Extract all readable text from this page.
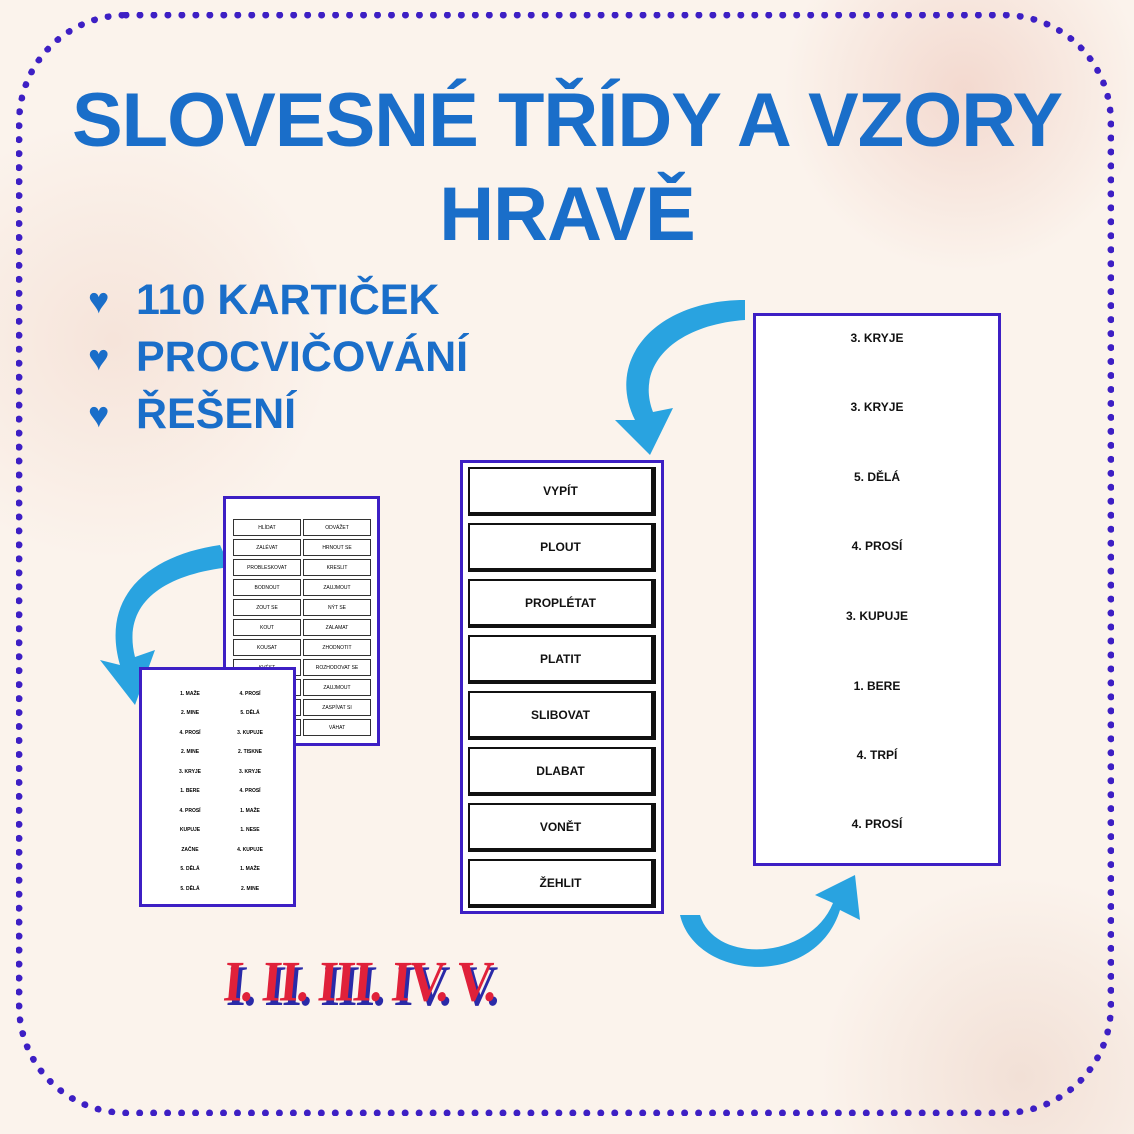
SLOVESNÉ TŘÍDY A VZORY
HRAVĚ
♥ 110 KARTIČEK
♥ PROCVIČOVÁNÍ
♥ ŘEŠENÍ
HLÍDAT	ODVÁŽET
ZALÉVAT	HRNOUT SE
PROBLESKOVAT	KRESLIT
BODNOUT	ZAUJMOUT
ZOUT SE	NÝT SE
KOUT	ZALAMAT
KOUSAT	ZHODNOTIT
ROZHODOVAT SE
ZAUJMOUT
ZASPÍVAT SI
VÁHAT
1. MAŽE	4. PROSÍ
2. MINE	5. DĚLÁ
4. PROSÍ	3. KUPUJE
2. MINE	2. TISKNE
3. KRYJE	3. KRYJE
1. BERE	4. PROSÍ
4. PROSÍ	1. MAŽE
KUPUJE	1. NESE
ZAČNE	4. KUPUJE
5. DĚLÁ	1. MAŽE
5. DĚLÁ	2. MINE
VYPÍT
PLOUT
PROPLÉTAT
PLATIT
SLIBOVAT
DLABAT
VONĚT
ŽEHLIT
3. KRYJE
3. KRYJE
5. DĚLÁ
4. PROSÍ
3. KUPUJE
1. BERE
4. TRPÍ
4. PROSÍ
I. II. III. IV. V.
